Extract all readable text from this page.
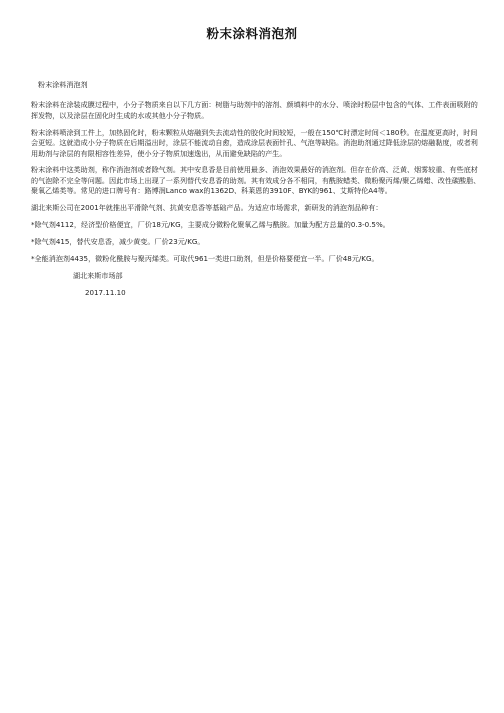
粉末涂料消泡剂

粉末涂料消泡剂

粉末涂料在涂装成膜过程中，小分子物质来自以下几方面：树脂与助剂中的溶剂、颜填料中的水分、喷涂时粉层中包含的气体、工件表面吸附的挥发物，以及涂层在固化时生成的水或其他小分子物质。

粉末涂料喷涂到工件上，加热固化时，粉末颗粒从熔融到失去流动性的胶化时间较短，一般在150℃时漂定时间＜180秒。在温度更高时，时间会更短。这就造成小分子物质在后期溢出时，涂层不能流动自愈，造成涂层表面针孔、气泡等缺陷。消泡助剂通过降低涂层的熔融黏度，或者利用助剂与涂层的有限相容性差异，使小分子物质加速逸出，从而避免缺陷的产生。

粉末涂料中这类助剂，称作消泡剂或者除气剂。其中安息香是目前使用最多、消泡效果最好的消泡剂。但存在价高、泛黄、烟雾较重、有些底材的气泡除不完全等问题。因此市场上出现了一系列替代安息香的助剂。其有效成分各不相同，有酰胺蜡类、微粉聚丙烯/聚乙烯蜡、改性碳酸脂、聚氧乙烯类等。常见的进口牌号有：路博润Lanco wax的1362D、科莱恩的3910F、BYK的961、艾斯特伦A4等。

湖北来斯公司在2001年就推出平滑除气剂、抗黄安息香等基础产品。为适应市场需求，新研发的消泡剂品种有：

*除气剂4112，经济型价格便宜，厂价18元/KG，主要成分微粉化聚氧乙烯与酰胺。加量为配方总量的0.3-0.5%。

*除气剂415，替代安息香，减少黄变。厂价23元/KG。

*全能消泡剂4435，微粉化酰胺与聚丙烯类。可取代961一类进口助剂，但是价格要便宜一半。厂价48元/KG。

湖北来斯市场部

2017.11.10
